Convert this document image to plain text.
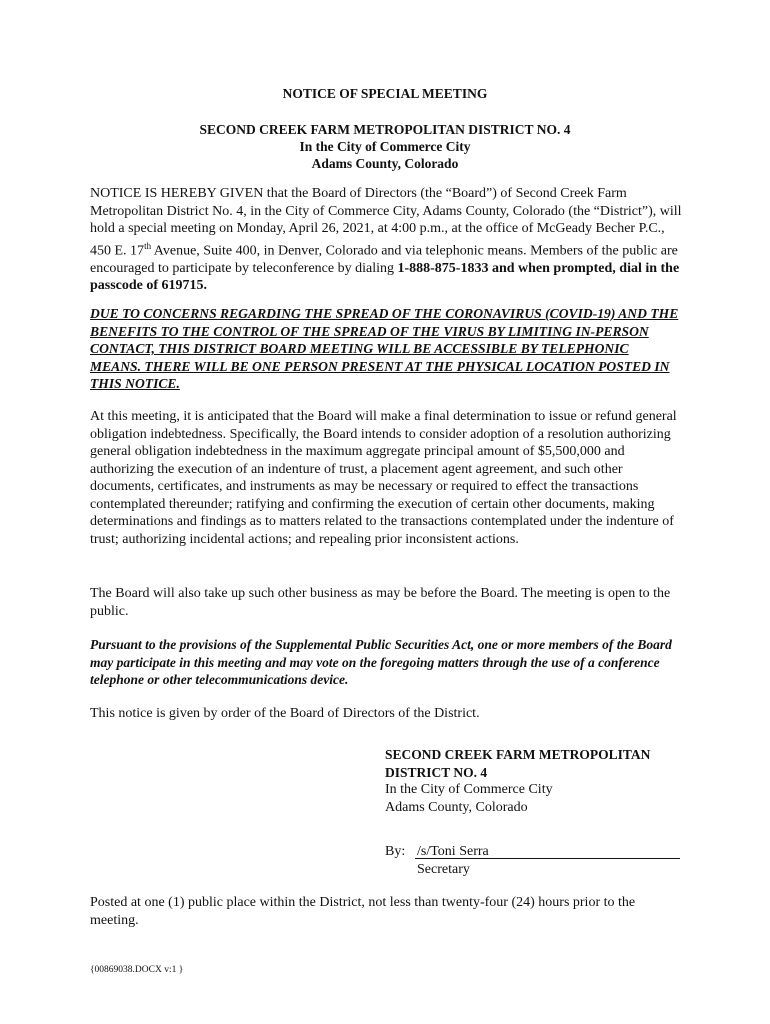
NOTICE OF SPECIAL MEETING

SECOND CREEK FARM METROPOLITAN DISTRICT NO. 4

In the City of Commerce City

Adams County, Colorado

NOTICE IS HEREBY GIVEN that the Board of Directors (the “Board”) of Second Creek Farm Metropolitan District No. 4, in the City of Commerce City, Adams County, Colorado (the “District”), will hold a special meeting on Monday, April 26, 2021, at 4:00 p.m., at the office of McGeady Becher P.C., 450 E. 17th Avenue, Suite 400, in Denver, Colorado and via telephonic means. Members of the public are encouraged to participate by teleconference by dialing 1-888-875-1833 and when prompted, dial in the passcode of 619715.

DUE TO CONCERNS REGARDING THE SPREAD OF THE CORONAVIRUS (COVID-19) AND THE BENEFITS TO THE CONTROL OF THE SPREAD OF THE VIRUS BY LIMITING IN-PERSON CONTACT, THIS DISTRICT BOARD MEETING WILL BE ACCESSIBLE BY TELEPHONIC MEANS. THERE WILL BE ONE PERSON PRESENT AT THE PHYSICAL LOCATION POSTED IN THIS NOTICE.

At this meeting, it is anticipated that the Board will make a final determination to issue or refund general obligation indebtedness. Specifically, the Board intends to consider adoption of a resolution authorizing general obligation indebtedness in the maximum aggregate principal amount of $5,500,000 and authorizing the execution of an indenture of trust, a placement agent agreement, and such other documents, certificates, and instruments as may be necessary or required to effect the transactions contemplated thereunder; ratifying and confirming the execution of certain other documents, making determinations and findings as to matters related to the transactions contemplated under the indenture of trust; authorizing incidental actions; and repealing prior inconsistent actions.

The Board will also take up such other business as may be before the Board. The meeting is open to the public.

Pursuant to the provisions of the Supplemental Public Securities Act, one or more members of the Board may participate in this meeting and may vote on the foregoing matters through the use of a conference telephone or other telecommunications device.

This notice is given by order of the Board of Directors of the District.

SECOND CREEK FARM METROPOLITAN
DISTRICT NO. 4
In the City of Commerce City
Adams County, Colorado
By: /s/Toni Serra
Secretary

Posted at one (1) public place within the District, not less than twenty-four (24) hours prior to the meeting.

{00869038.DOCX v:1 }
